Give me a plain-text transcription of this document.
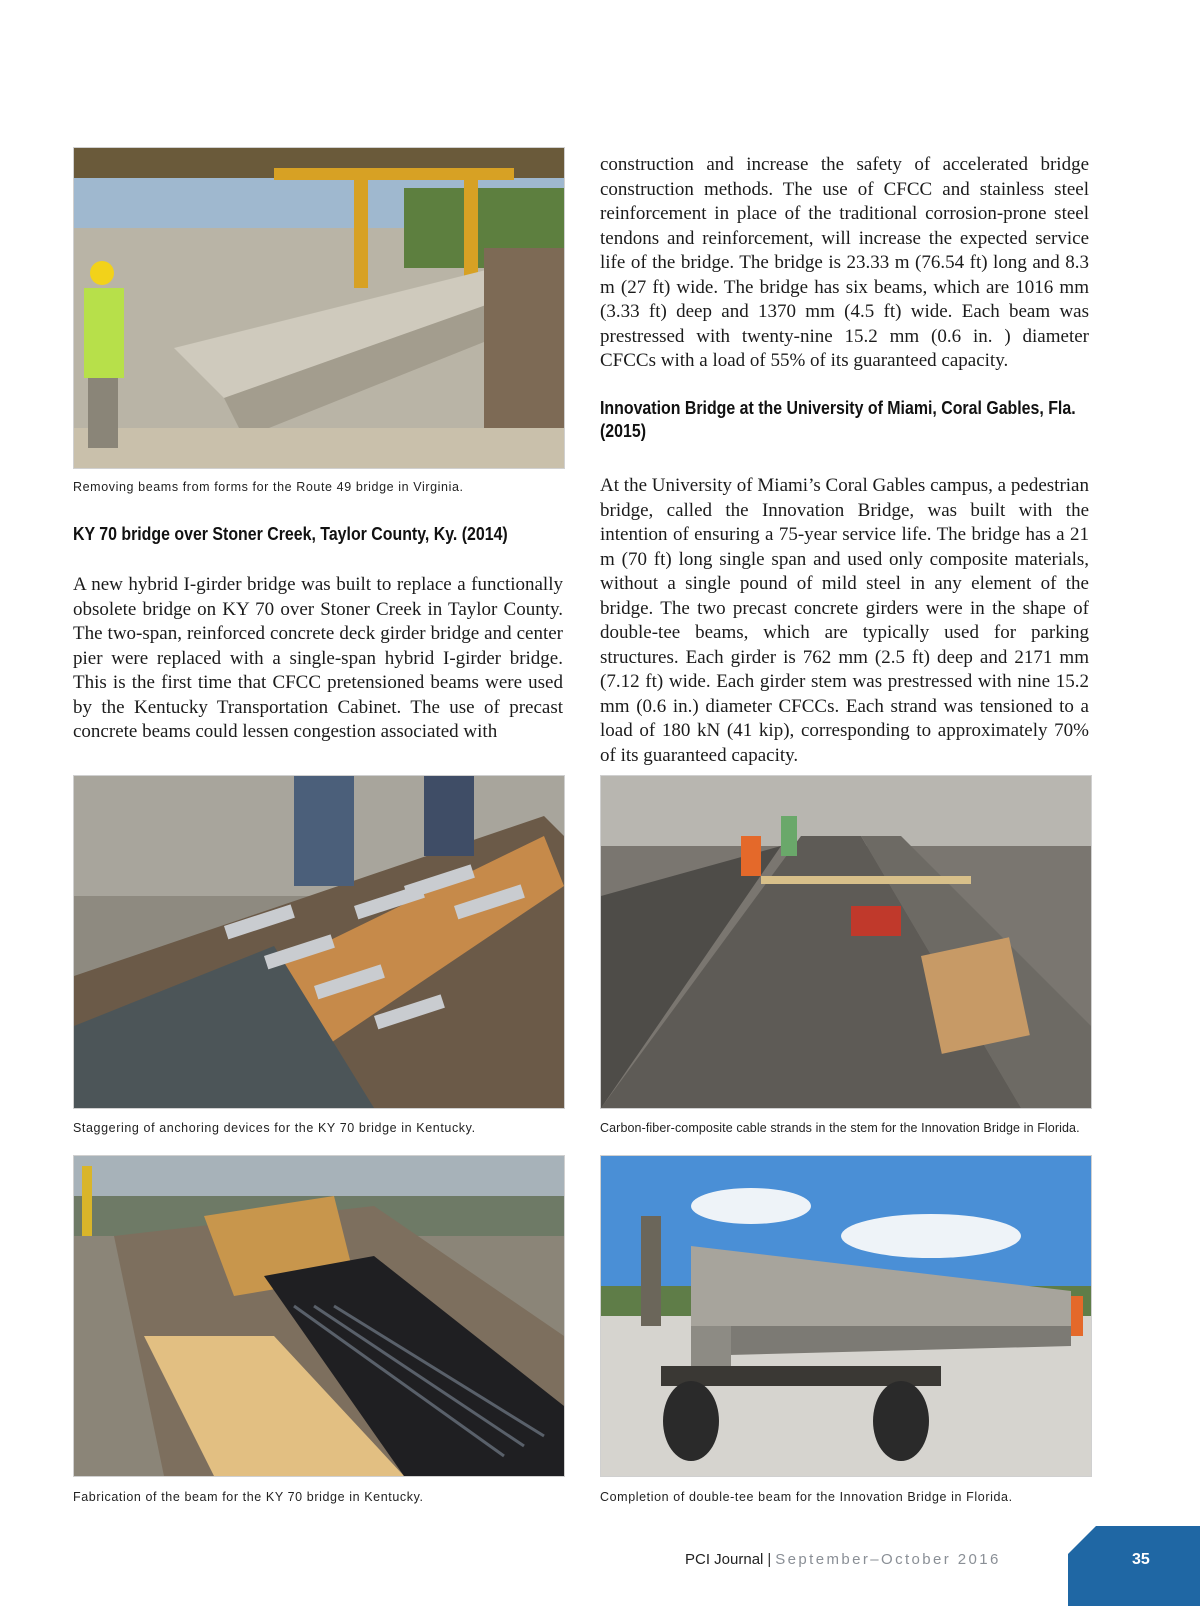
Removing beams from forms for the Route 49 bridge in Virginia.
KY 70 bridge over Stoner Creek, Taylor County, Ky. (2014)
A new hybrid I-girder bridge was built to replace a functionally obsolete bridge on KY 70 over Stoner Creek in Taylor County. The two-span, reinforced concrete deck girder bridge and center pier were replaced with a single-span hybrid I-girder bridge. This is the first time that CFCC pretensioned beams were used by the Kentucky Transportation Cabinet. The use of precast concrete beams could lessen congestion associated with
construction and increase the safety of accelerated bridge construction methods. The use of CFCC and stainless steel reinforcement in place of the traditional corrosion-prone steel tendons and reinforcement, will increase the expected service life of the bridge. The bridge is 23.33 m (76.54 ft) long and 8.3 m (27 ft) wide. The bridge has six beams, which are 1016 mm (3.33 ft) deep and 1370 mm (4.5 ft) wide. Each beam was prestressed with twenty-nine 15.2 mm (0.6 in. ) diameter CFCCs with a load of 55% of its guaranteed capacity.
Innovation Bridge at the University of Miami, Coral Gables, Fla. (2015)
At the University of Miami’s Coral Gables campus, a pedestrian bridge, called the Innovation Bridge, was built with the intention of ensuring a 75-year service life. The bridge has a 21 m (70 ft) long single span and used only composite materials, without a single pound of mild steel in any element of the bridge. The two precast concrete girders were in the shape of double-tee beams, which are typically used for parking structures. Each girder is 762 mm (2.5 ft) deep and 2171 mm (7.12 ft) wide. Each girder stem was prestressed with nine 15.2 mm (0.6 in.) diameter CFCCs. Each strand was tensioned to a load of 180 kN (41 kip), corresponding to approximately 70% of its guaranteed capacity.
Staggering of anchoring devices for the KY 70 bridge in Kentucky.	Carbon-fiber-composite cable strands in the stem for the Innovation Bridge in Florida.
Fabrication of the beam for the KY 70 bridge in Kentucky.	Completion of double-tee beam for the Innovation Bridge in Florida.
PCI Journal | September–October 2016	35
